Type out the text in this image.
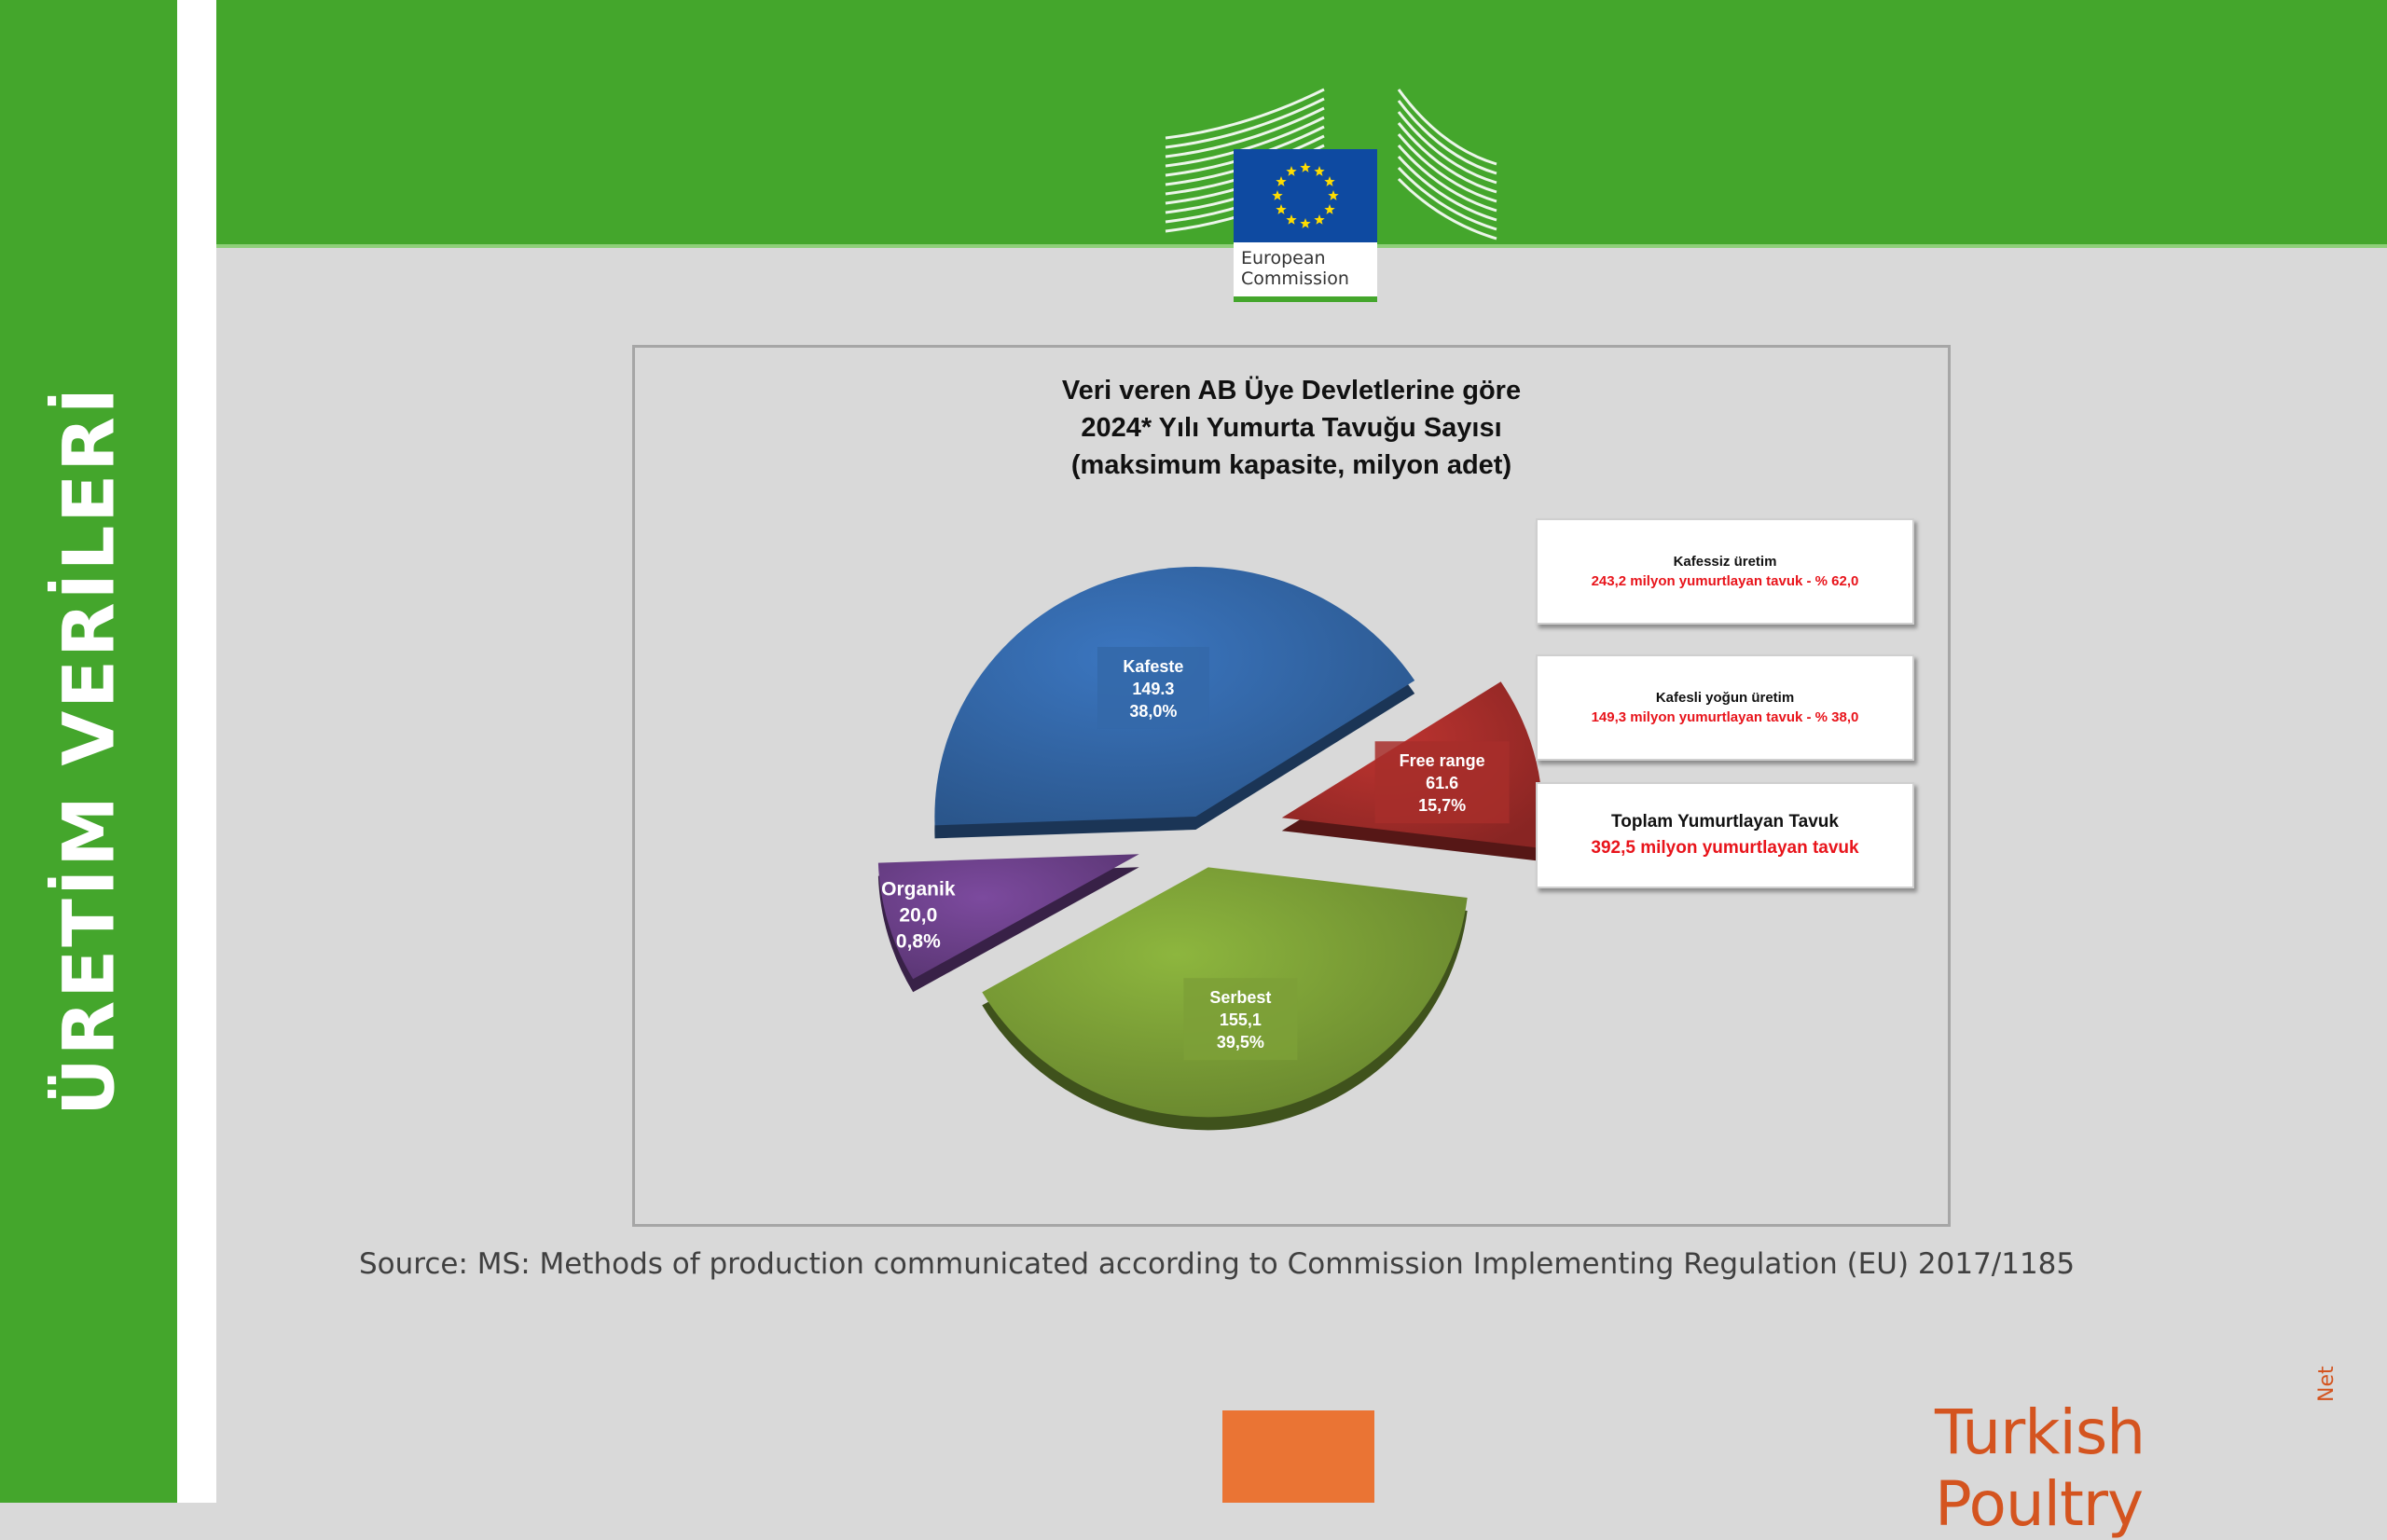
ÜRETİM VERİLERİ
European
Commission
Veri veren AB Üye Devletlerine göre
2024* Yılı Yumurta Tavuğu Sayısı
(maksimum kapasite, milyon adet)
Kafeste
149.3
38,0%
Free range
61.6
15,7%
Serbest
155,1
39,5%
Organik
20,0
0,8%
Kafessiz üretim
243,2 milyon yumurtlayan tavuk - % 62,0
Kafesli yoğun üretim
149,3 milyon yumurtlayan tavuk - % 38,0
Toplam Yumurtlayan Tavuk
392,5 milyon yumurtlayan tavuk
Source: MS: Methods of production communicated according to Commission Implementing Regulation (EU) 2017/1185
Turkish Poultry
Net
